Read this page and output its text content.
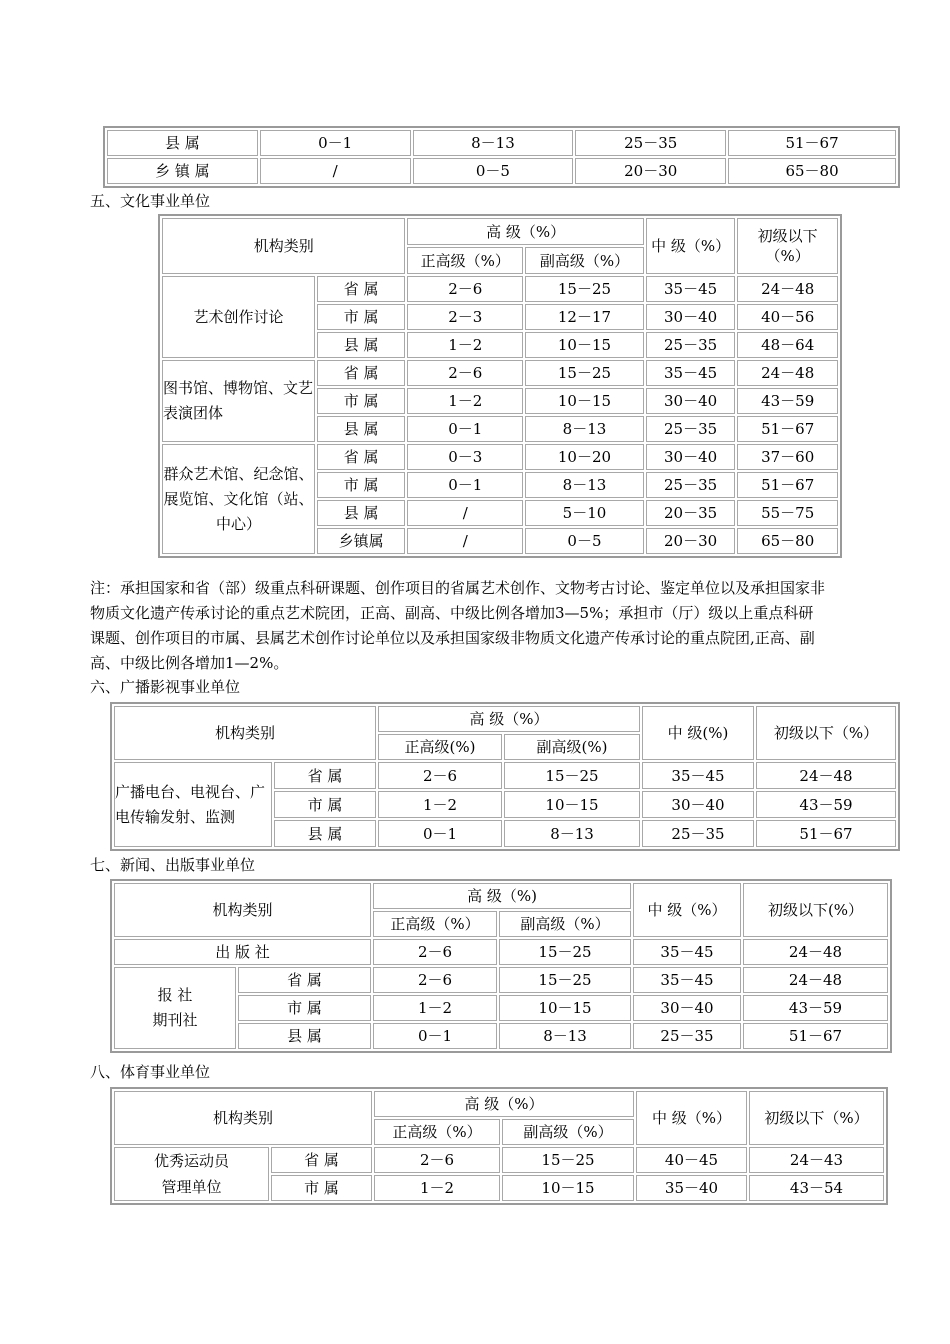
县 属	0－1	8－13	25－35	51－67
乡 镇 属	/	0－5	20－30	65－80
五、文化事业单位
机构类别		高 级（%）		中 级（%）	初级以下
（%）

		正高级（%）	副高级（%）		
艺术创作讨论	省 属	2－6	15－25	35－45	24－48
	市 属	2－3	12－17	30－40	40－56
	县 属	1－2	10－15	25－35	48－64
图书馆、博物馆、文艺表演团体	省 属	2－6	15－25	35－45	24－48
	市 属	1－2	10－15	30－40	43－59
	县 属	0－1	8－13	25－35	51－67
群众艺术馆、纪念馆、展览馆、文化馆（站、中心）	省 属	0－3	10－20	30－40	37－60
	市 属	0－1	8－13	25－35	51－67
	县 属	/	5－10	20－35	55－75
	乡镇属	/	0－5	20－30	65－80
注：承担国家和省（部）级重点科研课题、创作项目的省属艺术创作、文物考古讨论、鉴定单位以及承担国家非
物质文化遗产传承讨论的重点艺术院团，正高、副高、中级比例各增加3—5%；承担市（厅）级以上重点科研
课题、创作项目的市属、县属艺术创作讨论单位以及承担国家级非物质文化遗产传承讨论的重点院团,正高、副
高、中级比例各增加1—2%。
六、广播影视事业单位
机构类别		高 级（%）		中 级(%)	初级以下（%）
		正高级(%)	副高级(%)		
广播电台、电视台、广电传输发射、监测	省 属	2－6	15－25	35－45	24－48
	市 属	1－2	10－15	30－40	43－59
	县 属	0－1	8－13	25－35	51－67
七、新闻、出版事业单位
机构类别		高 级（%)		中 级（%）	初级以下(%）
		正高级（%）	副高级（%）		
出 版 社		2－6	15－25	35－45	24－48

报 社
期刊社	省 属	2－6	15－25	35－45	24－48
	市 属	1－2	10－15	30－40	43－59
	县 属	0－1	8－13	25－35	51－67
八、体育事业单位
机构类别		高 级（%）		中 级（%）	初级以下（%）
		正高级（%）	副高级（%）		

优秀运动员
管理单位	省 属	2－6	15－25	40－45	24－43
	市 属	1－2	10－15	35－40	43－54
